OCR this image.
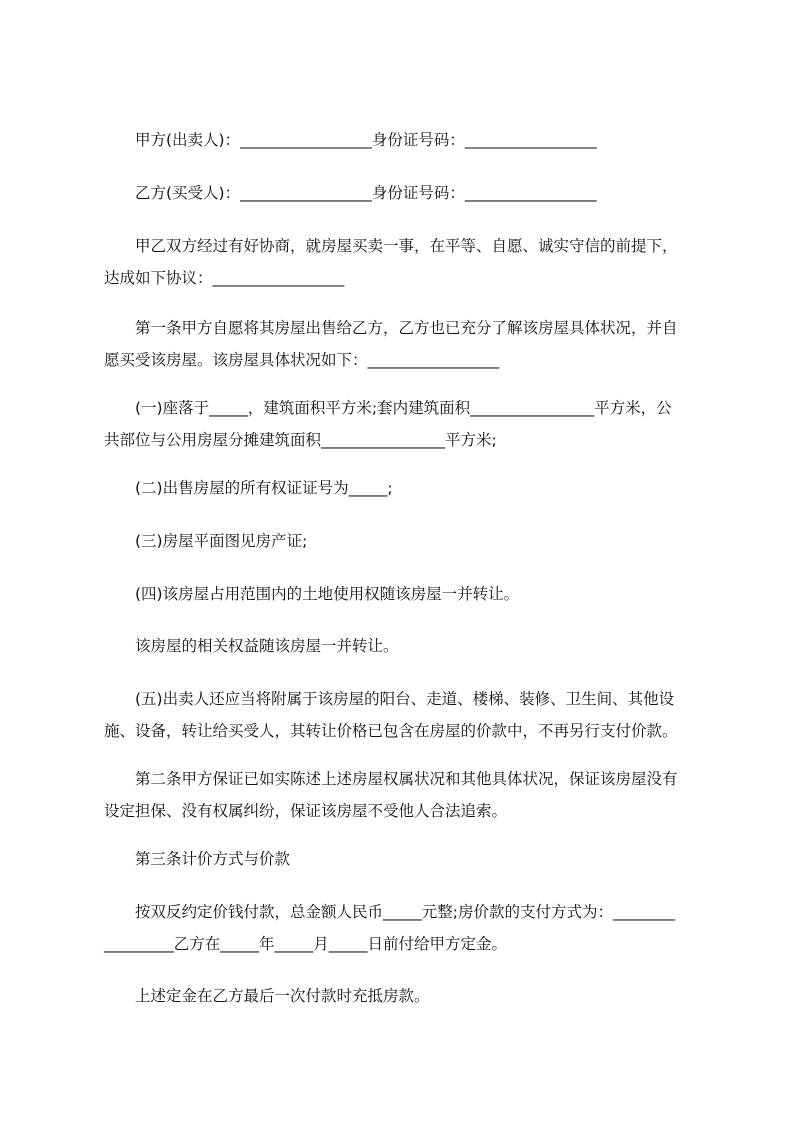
　　甲方(出卖人)：_________________身份证号码：_________________

　　乙方(买受人)：_________________身份证号码：_________________

　　甲乙双方经过有好协商，就房屋买卖一事，在平等、自愿、诚实守信的前提下，
达成如下协议：_________________

　　第一条甲方自愿将其房屋出售给乙方，乙方也已充分了解该房屋具体状况，并自
愿买受该房屋。该房屋具体状况如下：_________________

　　(一)座落于_____，建筑面积平方米;套内建筑面积________________平方米，公
共部位与公用房屋分摊建筑面积________________平方米;

　　(二)出售房屋的所有权证证号为_____;

　　(三)房屋平面图见房产证;

　　(四)该房屋占用范围内的土地使用权随该房屋一并转让。

　　该房屋的相关权益随该房屋一并转让。

　　(五)出卖人还应当将附属于该房屋的阳台、走道、楼梯、装修、卫生间、其他设
施、设备，转让给买受人，其转让价格已包含在房屋的价款中，不再另行支付价款。

　　第二条甲方保证已如实陈述上述房屋权属状况和其他具体状况，保证该房屋没有
设定担保、没有权属纠纷，保证该房屋不受他人合法追索。

　　第三条计价方式与价款

　　按双反约定价钱付款，总金额人民币_____元整;房价款的支付方式为：________
_________乙方在_____年_____月_____日前付给甲方定金。

　　上述定金在乙方最后一次付款时充抵房款。
